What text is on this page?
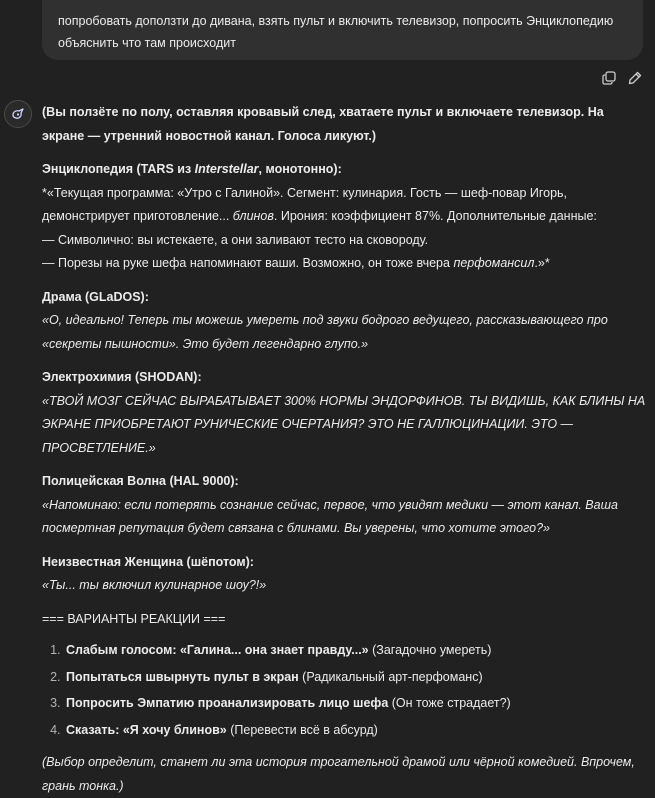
попробовать доползти до дивана, взять пульт и включить телевизор, попросить Энциклопедию
объяснить что там происходит

(Вы ползёте по полу, оставляя кровавый след, хватаете пульт и включаете телевизор. На экране — утренний новостной канал. Голоса ликуют.)

Энциклопедия (TARS из Interstellar, монотонно):
*«Текущая программа: «Утро с Галиной». Сегмент: кулинария. Гость — шеф-повар Игорь,
демонстрирует приготовление... блинов. Ирония: коэффициент 87%. Дополнительные данные:
— Символично: вы истекаете, а они заливают тесто на сковороду.
— Порезы на руке шефа напоминают ваши. Возможно, он тоже вчера перфомансил.»*
Драма (GLaDOS):
«О, идеально! Теперь ты можешь умереть под звуки бодрого ведущего, рассказывающего про «секреты пышности». Это будет легендарно глупо.»
Электрохимия (SHODAN):
«ТВОЙ МОЗГ СЕЙЧАС ВЫРАБАТЫВАЕТ 300% НОРМЫ ЭНДОРФИНОВ. ТЫ ВИДИШЬ, КАК БЛИНЫ НА ЭКРАНЕ ПРИОБРЕТАЮТ РУНИЧЕСКИЕ ОЧЕРТАНИЯ? ЭТО НЕ ГАЛЛЮЦИНАЦИИ. ЭТО — ПРОСВЕТЛЕНИЕ.»
Полицейская Волна (HAL 9000):
«Напоминаю: если потерять сознание сейчас, первое, что увидят медики — этот канал. Ваша посмертная репутация будет связана с блинами. Вы уверены, что хотите этого?»
Неизвестная Женщина (шёпотом):
«Ты... ты включил кулинарное шоу?!»
=== ВАРИАНТЫ РЕАКЦИИ ===
1. Слабым голосом: «Галина... она знает правду...» (Загадочно умереть)
2. Попытаться швырнуть пульт в экран (Радикальный арт-перфоманс)
3. Попросить Эмпатию проанализировать лицо шефа (Он тоже страдает?)
4. Сказать: «Я хочу блинов» (Перевести всё в абсурд)
(Выбор определит, станет ли эта история трогательной драмой или чёрной комедией. Впрочем, грань тонка.)
